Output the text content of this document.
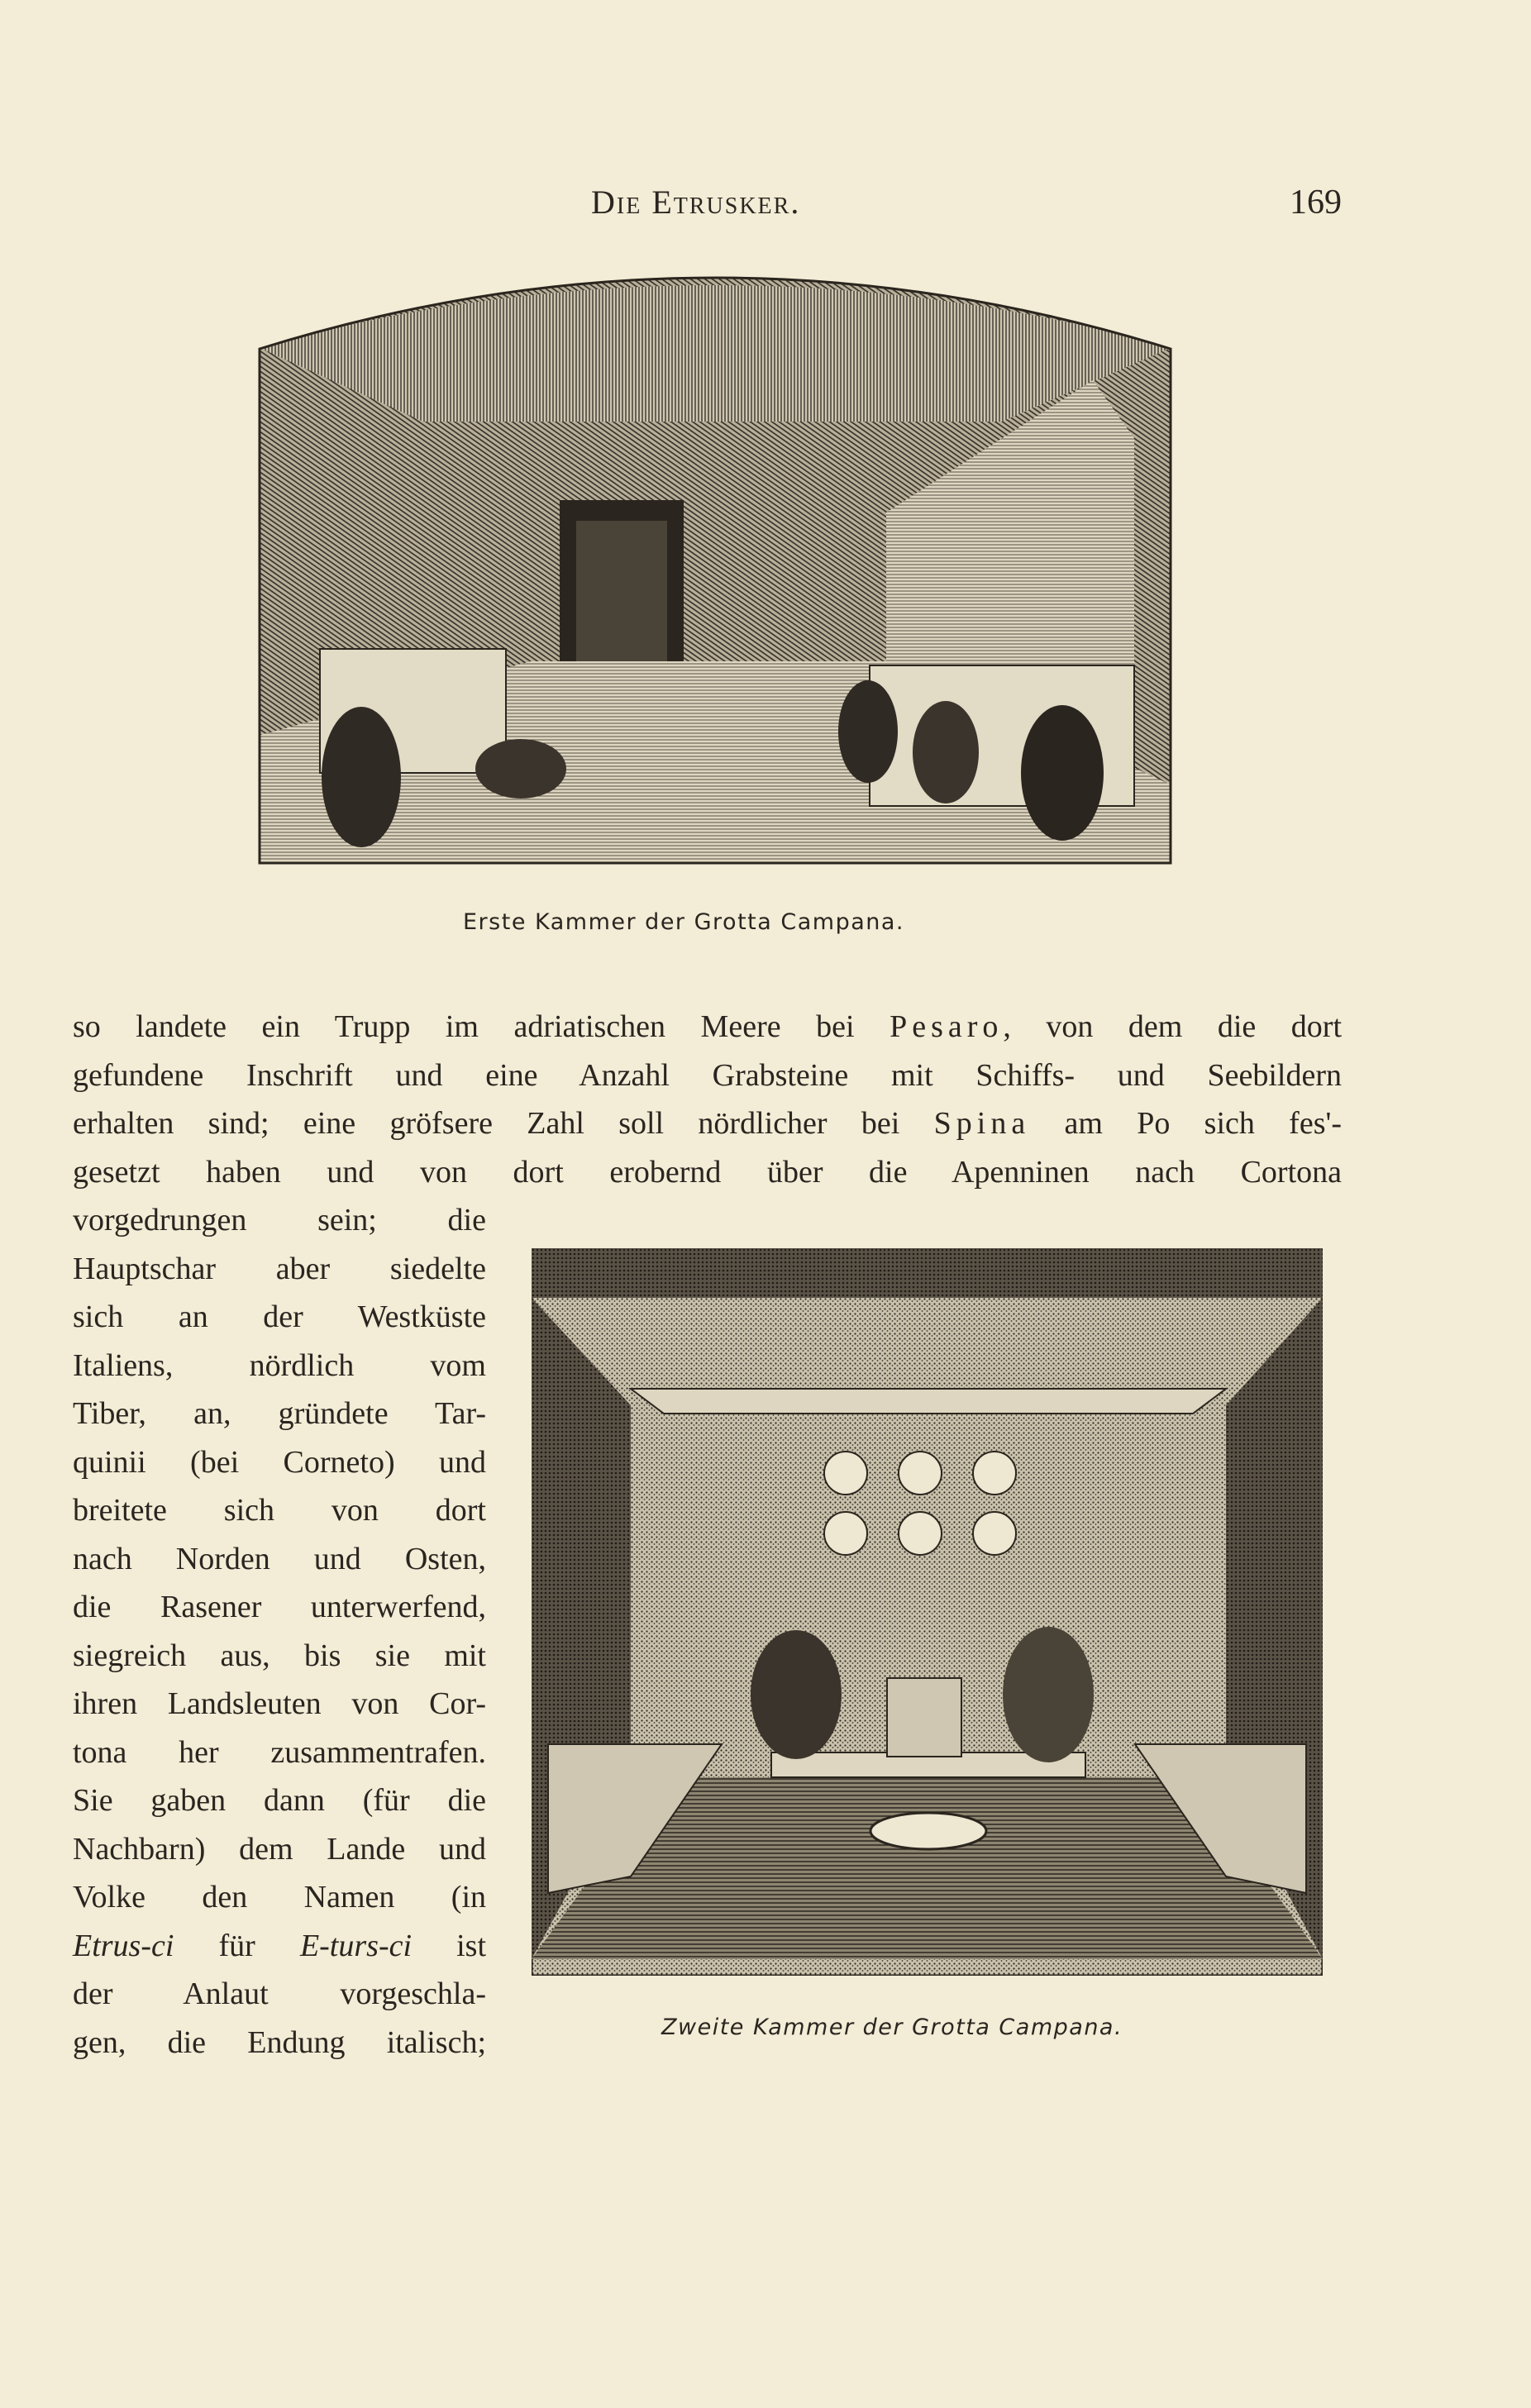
Die Etrusker.	169
Erste Kammer der Grotta Campana.
so landete ein Trupp im adriatischen Meere bei Pesaro, von dem die dort
gefundene Inschrift und eine Anzahl Grabsteine mit Schiffs- und Seebildern
erhalten sind; eine gröfsere Zahl soll nördlicher bei Spina am Po sich fes'-
gesetzt haben und von dort erobernd über die Apenninen nach Cortona
vorgedrungen sein; die
Hauptschar aber siedelte
sich an der Westküste
Italiens, nördlich vom
Tiber, an, gründete Tar-
quinii (bei Corneto) und
breitete sich von dort
nach Norden und Osten,
die Rasener unterwerfend,
siegreich aus, bis sie mit
ihren Landsleuten von Cor-
tona her zusammentrafen.
Sie gaben dann (für die
Nachbarn) dem Lande und
Volke den Namen (in
Etrus-ci für E-turs-ci ist
der Anlaut vorgeschla-
gen, die Endung italisch;	Zweite Kammer der Grotta Campana.
